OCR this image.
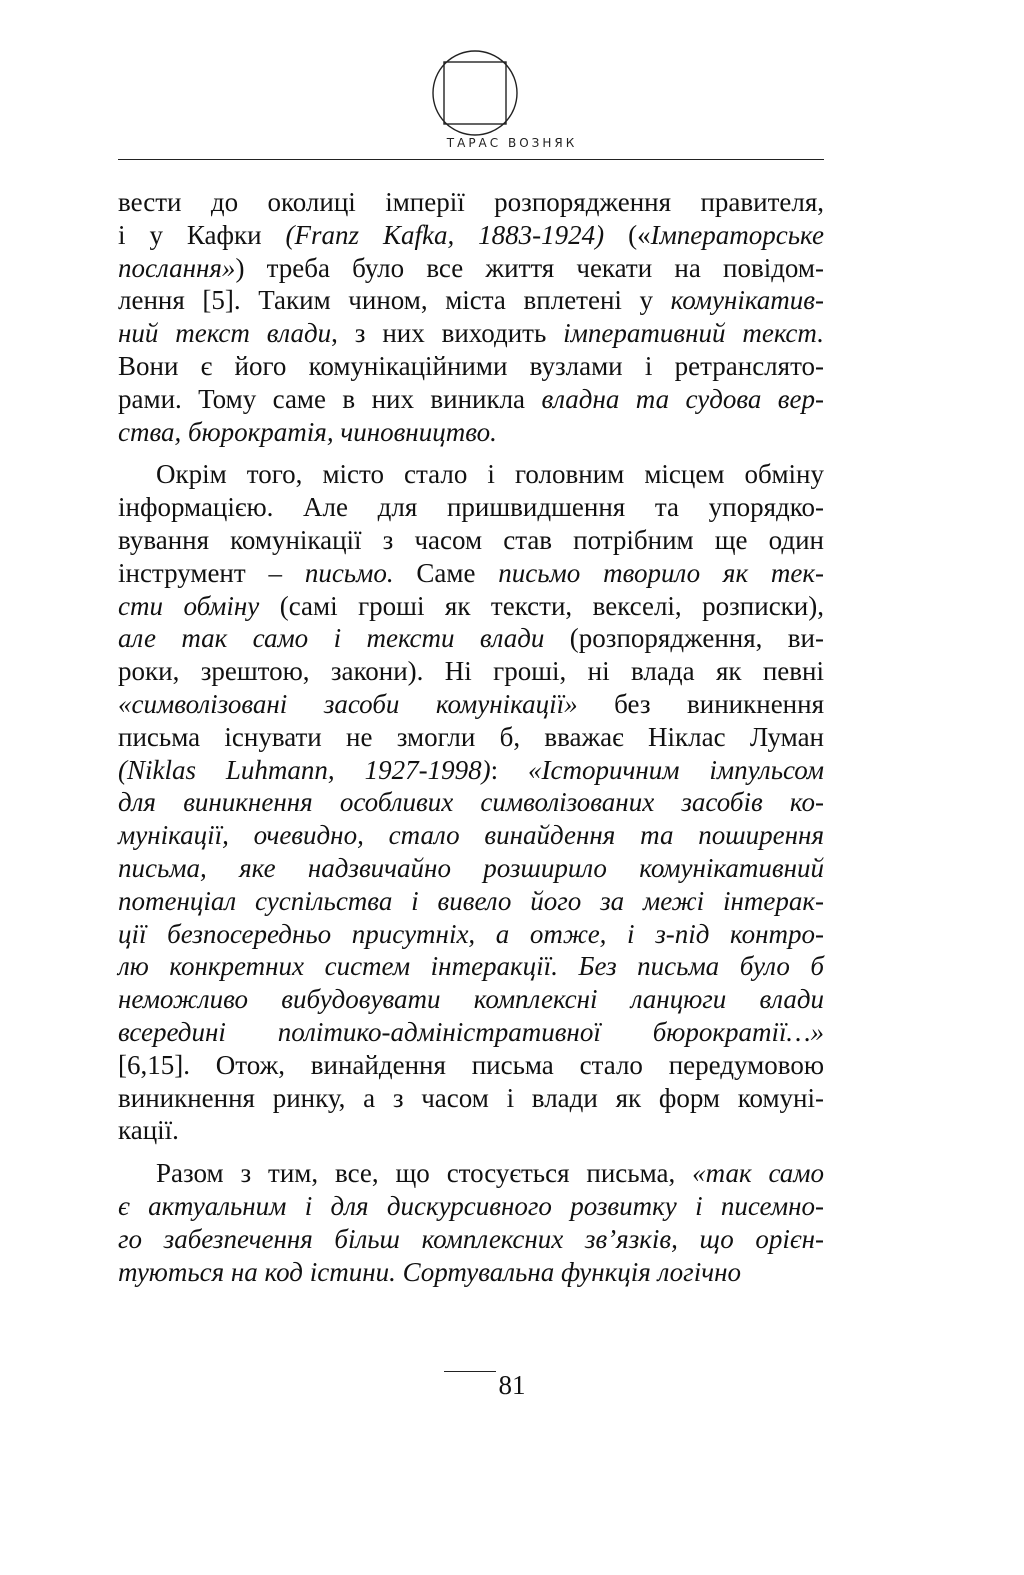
ТАРАС ВОЗНЯК
вести до околиці імперії розпорядження правителя,
і у Кафки (Franz Kafka, 1883-1924) («Імператорське
послання») треба було все життя чекати на повідом-
лення [5]. Таким чином, міста вплетені у комунікатив-
ний текст влади, з них виходить імперативний текст.
Вони є його комунікаційними вузлами і ретранслято-
рами. Тому саме в них виникла владна та судова вер-
ства, бюрократія, чиновництво.
Окрім того, місто стало і головним місцем обміну
інформацією. Але для пришвидшення та упорядко-
вування комунікації з часом став потрібним ще один
інструмент – письмо. Саме письмо творило як тек-
сти обміну (самі гроші як тексти, векселі, розписки),
але так само і тексти влади (розпорядження, ви-
роки, зрештою, закони). Ні гроші, ні влада як певні
«символізовані засоби комунікації» без виникнення
письма існувати не змогли б, вважає Ніклас Луман
(Niklas Luhmann, 1927-1998): «Історичним імпульсом
для виникнення особливих символізованих засобів ко-
мунікації, очевидно, стало винайдення та поширення
письма, яке надзвичайно розширило комунікативний
потенціал суспільства і вивело його за межі інтерак-
ції безпосередньо присутніх, а отже, і з-під контро-
лю конкретних систем інтеракції. Без письма було б
неможливо вибудовувати комплексні ланцюги влади
всередині політико-адміністративної бюрократії…»
[6,15]. Отож, винайдення письма стало передумовою
виникнення ринку, а з часом і влади як форм комуні-
кації.
Разом з тим, все, що стосується письма, «так само
є актуальним і для дискурсивного розвитку і писемно-
го забезпечення більш комплексних зв’язків, що орієн-
туються на код істини. Сортувальна функція логічно
81
